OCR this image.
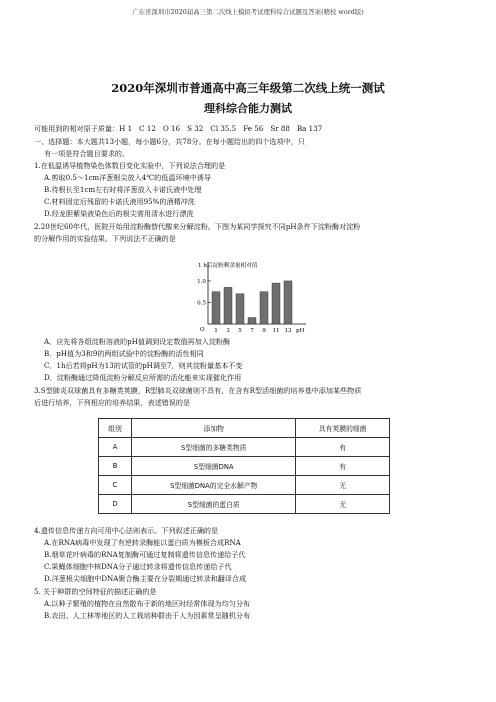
广东省深圳市2020届高三第二次线上模拟考试理科综合试题及答案(精校 word版)
2020年深圳市普通高中高三年级第二次线上统一测试
理科综合能力测试
可能用到的相对原子质量：H 1　C 12　O 16　S 32　Cl 35.5　Fe 56　Sr 88　Ba 137
一、选择题：本大题共13小题，每小题6分，共78分。在每小题给出的四个选项中，只
有一项是符合题目要求的。
1.在低温诱导植物染色体数目变化实验中，下列说法合理的是
A.剪取0.5～1cm洋葱根尖放入4℃的低温环境中诱导
B.待根长至1cm左右时将洋葱放入卡诺氏液中处理
C.材料固定后残留的卡诺氏液用95%的酒精冲洗
D.经龙胆紫染液染色后的根尖需用清水进行漂洗
2.20世纪60年代，医院开始用淀粉酶替代酸来分解淀粉。下图为某同学探究不同pH条件下淀粉酶对淀粉
的分解作用的实验结果。下列说法不正确的是
1 h后淀粉剩余量相对值
O
0.5
1.0
1 3 5 7 9 11 13 pH
A．应先将各组淀粉溶液的pH值调到设定数值再加入淀粉酶
B．pH值为3和9的两组试验中的淀粉酶的活性相同
C．1h后若将pH为13的试管的pH调至7，则其淀粉量基本不变
D．淀粉酶通过降低淀粉分解反应所需的活化能来实现催化作用
3.S型肺炎双球菌具有多糖类荚膜，R型肺炎双球菌则不具有，在含有R型活细菌的培养基中添加某些物质
后进行培养，下列相应的培养结果，表述错误的是
组别	添加物	具有荚膜的细菌
A	S型细菌的多糖类物质	有
B	S型细菌DNA	有
C	S型细菌DNA的完全水解产物	无
D	S型细菌的蛋白质	无
4.遗传信息传递方向可用中心法则表示。下列叙述正确的是
A.在RNA病毒中发现了有逆转录酶能以蛋白质为模板合成RNA
B.烟草花叶病毒的RNA复制酶可通过复制将遗传信息传递给子代
C.果蝇体细胞中核DNA分子通过转录将遗传信息传递给子代
D.洋葱根尖细胞中DNA聚合酶主要在分裂期通过转录和翻译合成
5. 关于种群的空间特征的描述正确的是
A.以种子繁殖的植物在自然散布于新的地区时经常体现为均匀分布
B.农田、人工林等地区的人工栽培种群由于人为因素常呈随机分布
